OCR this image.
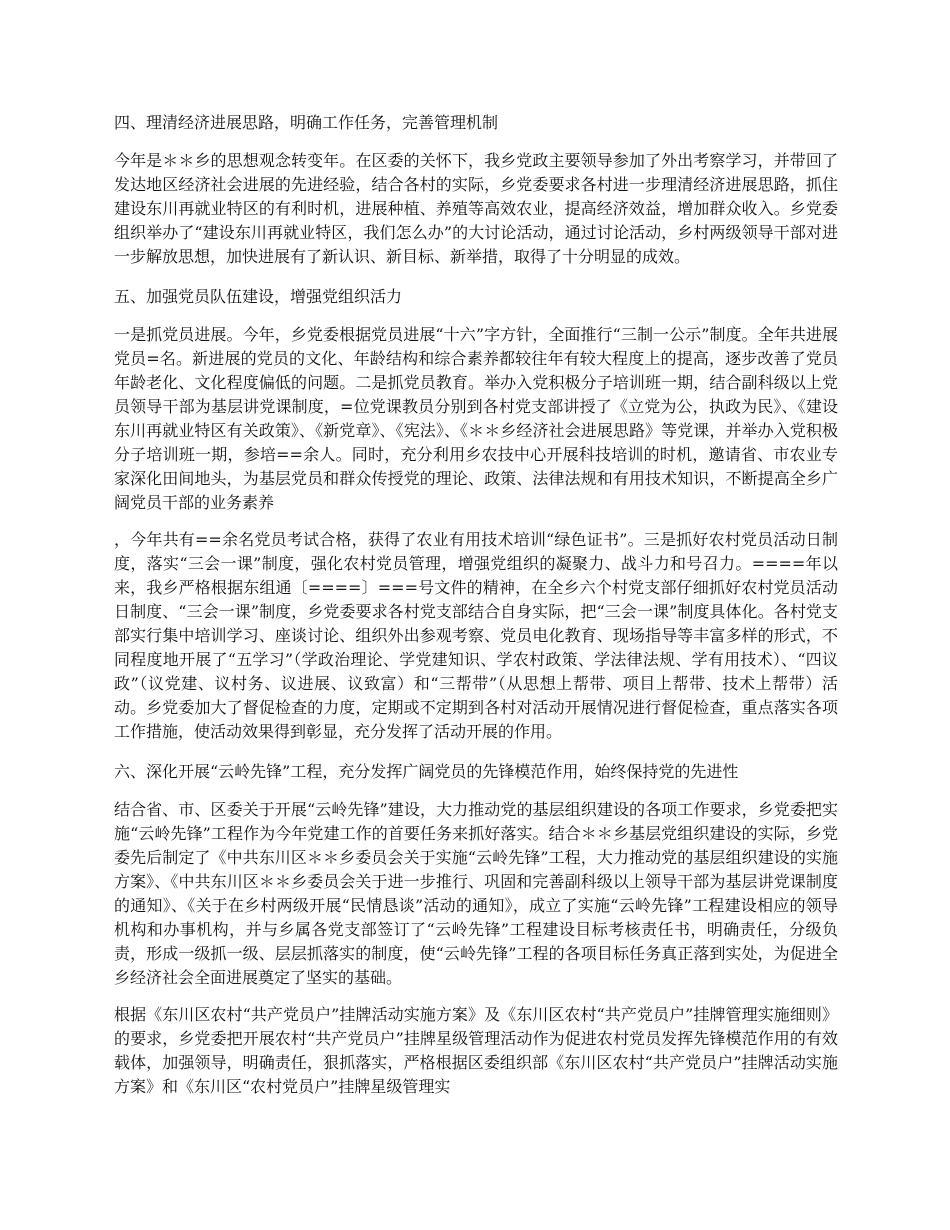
四、理清经济进展思路，明确工作任务，完善管理机制
今年是＊＊乡的思想观念转变年。在区委的关怀下，我乡党政主要领导参加了外出考察学习，并带回了发达地区经济社会进展的先进经验，结合各村的实际，乡党委要求各村进一步理清经济进展思路，抓住建设东川再就业特区的有利时机，进展种植、养殖等高效农业，提高经济效益，增加群众收入。乡党委组织举办了“建设东川再就业特区，我们怎么办”的大讨论活动，通过讨论活动，乡村两级领导干部对进一步解放思想，加快进展有了新认识、新目标、新举措，取得了十分明显的成效。
五、加强党员队伍建设，增强党组织活力
一是抓党员进展。今年，乡党委根据党员进展“十六”字方针，全面推行“三制一公示”制度。全年共进展党员=名。新进展的党员的文化、年龄结构和综合素养都较往年有较大程度上的提高，逐步改善了党员年龄老化、文化程度偏低的问题。二是抓党员教育。举办入党积极分子培训班一期，结合副科级以上党员领导干部为基层讲党课制度，=位党课教员分别到各村党支部讲授了《立党为公，执政为民》、《建设东川再就业特区有关政策》、《新党章》、《宪法》、《＊＊乡经济社会进展思路》等党课，并举办入党积极分子培训班一期，参培==余人。同时，充分利用乡农技中心开展科技培训的时机，邀请省、市农业专家深化田间地头，为基层党员和群众传授党的理论、政策、法律法规和有用技术知识，不断提高全乡广阔党员干部的业务素养
，今年共有==余名党员考试合格，获得了农业有用技术培训“绿色证书”。三是抓好农村党员活动日制度，落实“三会一课”制度，强化农村党员管理，增强党组织的凝聚力、战斗力和号召力。====年以来，我乡严格根据东组通〔====〕===号文件的精神，在全乡六个村党支部仔细抓好农村党员活动日制度、“三会一课”制度，乡党委要求各村党支部结合自身实际，把“三会一课”制度具体化。各村党支部实行集中培训学习、座谈讨论、组织外出参观考察、党员电化教育、现场指导等丰富多样的形式，不同程度地开展了“五学习”（学政治理论、学党建知识、学农村政策、学法律法规、学有用技术）、“四议政”（议党建、议村务、议进展、议致富）和“三帮带”（从思想上帮带、项目上帮带、技术上帮带）活动。乡党委加大了督促检查的力度，定期或不定期到各村对活动开展情况进行督促检查，重点落实各项工作措施，使活动效果得到彰显，充分发挥了活动开展的作用。
六、深化开展“云岭先锋”工程，充分发挥广阔党员的先锋模范作用，始终保持党的先进性
结合省、市、区委关于开展“云岭先锋”建设，大力推动党的基层组织建设的各项工作要求，乡党委把实施“云岭先锋”工程作为今年党建工作的首要任务来抓好落实。结合＊＊乡基层党组织建设的实际，乡党委先后制定了《中共东川区＊＊乡委员会关于实施“云岭先锋”工程，大力推动党的基层组织建设的实施方案》、《中共东川区＊＊乡委员会关于进一步推行、巩固和完善副科级以上领导干部为基层讲党课制度的通知》、《关于在乡村两级开展“民情恳谈”活动的通知》，成立了实施“云岭先锋”工程建设相应的领导机构和办事机构，并与乡属各党支部签订了“云岭先锋”工程建设目标考核责任书，明确责任，分级负责，形成一级抓一级、层层抓落实的制度，使“云岭先锋”工程的各项目标任务真正落到实处，为促进全乡经济社会全面进展奠定了坚实的基础。
根据《东川区农村“共产党员户”挂牌活动实施方案》及《东川区农村“共产党员户”挂牌管理实施细则》的要求，乡党委把开展农村“共产党员户”挂牌星级管理活动作为促进农村党员发挥先锋模范作用的有效载体，加强领导，明确责任，狠抓落实，严格根据区委组织部《东川区农村“共产党员户”挂牌活动实施方案》和《东川区“农村党员户”挂牌星级管理实
